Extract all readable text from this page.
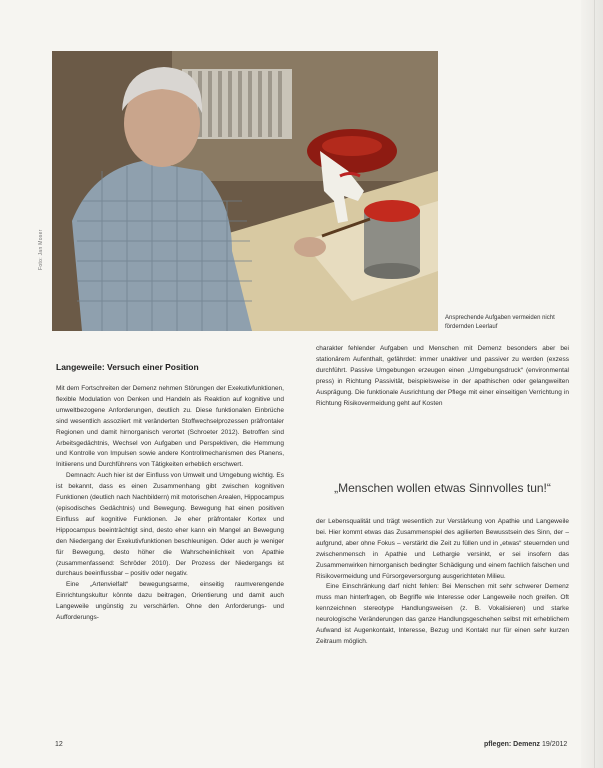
Foto: Jan Moser
Ansprechende Aufgaben vermeiden nicht fördernden Leerlauf
Langeweile: Versuch einer Position

Mit dem Fortschreiten der Demenz nehmen Störungen der Exekutivfunktionen, flexible Modulation von Denken und Handeln als Reaktion auf kognitive und umweltbezogene Anforderungen, deutlich zu. Diese funktionalen Einbrüche sind wesentlich assoziiert mit veränderten Stoffwechselprozessen präfrontaler Regionen und damit hirnorganisch verortet (Schroeter 2012). Betroffen sind Arbeitsgedächtnis, Wechsel von Aufgaben und Perspektiven, die Hemmung und Kontrolle von Impulsen sowie andere Kontrollmechanismen des Planens, Initiierens und Durchführens von Tätigkeiten erheblich erschwert.

Demnach: Auch hier ist der Einfluss von Umwelt und Umgebung wichtig. Es ist bekannt, dass es einen Zusammenhang gibt zwischen kognitiven Funktionen (deutlich nach Nachbildern) mit motorischen Arealen, Hippocampus (episodisches Gedächtnis) und Bewegung. Bewegung hat einen positiven Einfluss auf kognitive Funktionen. Je eher präfrontaler Kortex und Hippocampus beeinträchtigt sind, desto eher kann ein Mangel an Bewegung den Niedergang der Exekutivfunktionen beschleunigen. Oder auch je weniger für Bewegung, desto höher die Wahrscheinlichkeit von Apathie (zusammenfassend: Schröder 2010). Der Prozess der Niedergangs ist durchaus beeinflussbar – positiv oder negativ.

Eine „Artenvielfalt“ bewegungsarme, einseitig raumverengende Einrichtungskultur könnte dazu beitragen, Orientierung und damit auch Langeweile ungünstig zu verschärfen. Ohne den Anforderungs- und Aufforderungs-

charakter fehlender Aufgaben und Menschen mit Demenz besonders aber bei stationärem Aufenthalt, gefährdet: immer unaktiver und passiver zu werden (exzess durchführt. Passive Umgebungen erzeugen einen „Umgebungsdruck“ (environmental press) in Richtung Passivität, beispielsweise in der apathischen oder gelangweilten Ausprägung. Die funktionale Ausrichtung der Pflege mit einer einseitigen Verrichtung in Richtung Risikovermeidung geht auf Kosten

„Menschen wollen etwas Sinnvolles tun!“

der Lebensqualität und trägt wesentlich zur Verstärkung von Apathie und Langeweile bei. Hier kommt etwas das Zusammenspiel des agilierten Bewusstsein des Sinn, der – aufgrund, aber ohne Fokus – verstärkt die Zeit zu füllen und in „etwas“ steuernden und zwischenmensch in Apathie und Lethargie versinkt, er sei insofern das Zusammenwirken hirnorganisch bedingter Schädigung und einem fachlich falschen und Risikovermeidung und Fürsorgeversorgung ausgerichteten Milieu.

Eine Einschränkung darf nicht fehlen: Bei Menschen mit sehr schwerer Demenz muss man hinterfragen, ob Begriffe wie Interesse oder Langeweile noch greifen. Oft kennzeichnen stereotype Handlungsweisen (z. B. Vokalisieren) und starke neurologische Veränderungen das ganze Handlungsgeschehen selbst mit erheblichem Aufwand ist Augenkontakt, Interesse, Bezug und Kontakt nur für einen sehr kurzen Zeitraum möglich.

12	pflegen: Demenz 19/2012
